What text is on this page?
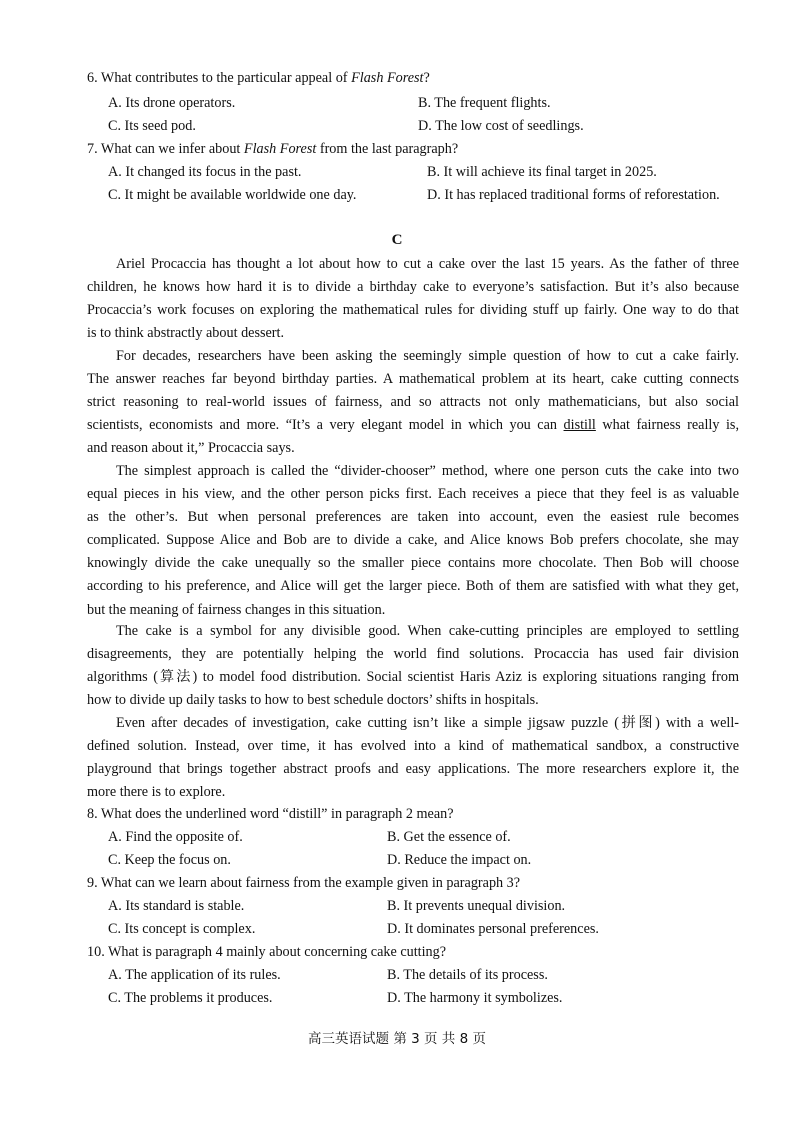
6. What contributes to the particular appeal of Flash Forest?
A. Its drone operators.	B. The frequent flights.
C. Its seed pod.	D. The low cost of seedlings.
7. What can we infer about Flash Forest from the last paragraph?
A. It changed its focus in the past.	B. It will achieve its final target in 2025.
C. It might be available worldwide one day.	D. It has replaced traditional forms of reforestation.
C
Ariel Procaccia has thought a lot about how to cut a cake over the last 15 years. As the father of three
children, he knows how hard it is to divide a birthday cake to everyone’s satisfaction. But it’s also because
Procaccia’s work focuses on exploring the mathematical rules for dividing stuff up fairly. One way to do that
is to think abstractly about dessert.
For decades, researchers have been asking the seemingly simple question of how to cut a cake fairly.
The answer reaches far beyond birthday parties. A mathematical problem at its heart, cake cutting connects
strict reasoning to real-world issues of fairness, and so attracts not only mathematicians, but also social
scientists, economists and more. “It’s a very elegant model in which you can distill what fairness really is,
and reason about it,” Procaccia says.
The simplest approach is called the “divider-chooser” method, where one person cuts the cake into two
equal pieces in his view, and the other person picks first. Each receives a piece that they feel is as valuable
as the other’s. But when personal preferences are taken into account, even the easiest rule becomes
complicated. Suppose Alice and Bob are to divide a cake, and Alice knows Bob prefers chocolate, she may
knowingly divide the cake unequally so the smaller piece contains more chocolate. Then Bob will choose
according to his preference, and Alice will get the larger piece. Both of them are satisfied with what they get,
but the meaning of fairness changes in this situation.
The cake is a symbol for any divisible good. When cake-cutting principles are employed to settling
disagreements, they are potentially helping the world find solutions. Procaccia has used fair division
algorithms (算法) to model food distribution. Social scientist Haris Aziz is exploring situations ranging from
how to divide up daily tasks to how to best schedule doctors’ shifts in hospitals.
Even after decades of investigation, cake cutting isn’t like a simple jigsaw puzzle (拼图) with a well-
defined solution. Instead, over time, it has evolved into a kind of mathematical sandbox, a constructive
playground that brings together abstract proofs and easy applications. The more researchers explore it, the
more there is to explore.
8. What does the underlined word “distill” in paragraph 2 mean?
A. Find the opposite of.	B. Get the essence of.
C. Keep the focus on.	D. Reduce the impact on.
9. What can we learn about fairness from the example given in paragraph 3?
A. Its standard is stable.	B. It prevents unequal division.
C. Its concept is complex.	D. It dominates personal preferences.
10. What is paragraph 4 mainly about concerning cake cutting?
A. The application of its rules.	B. The details of its process.
C. The problems it produces.	D. The harmony it symbolizes.
高三英语试题 第 3 页 共 8 页
